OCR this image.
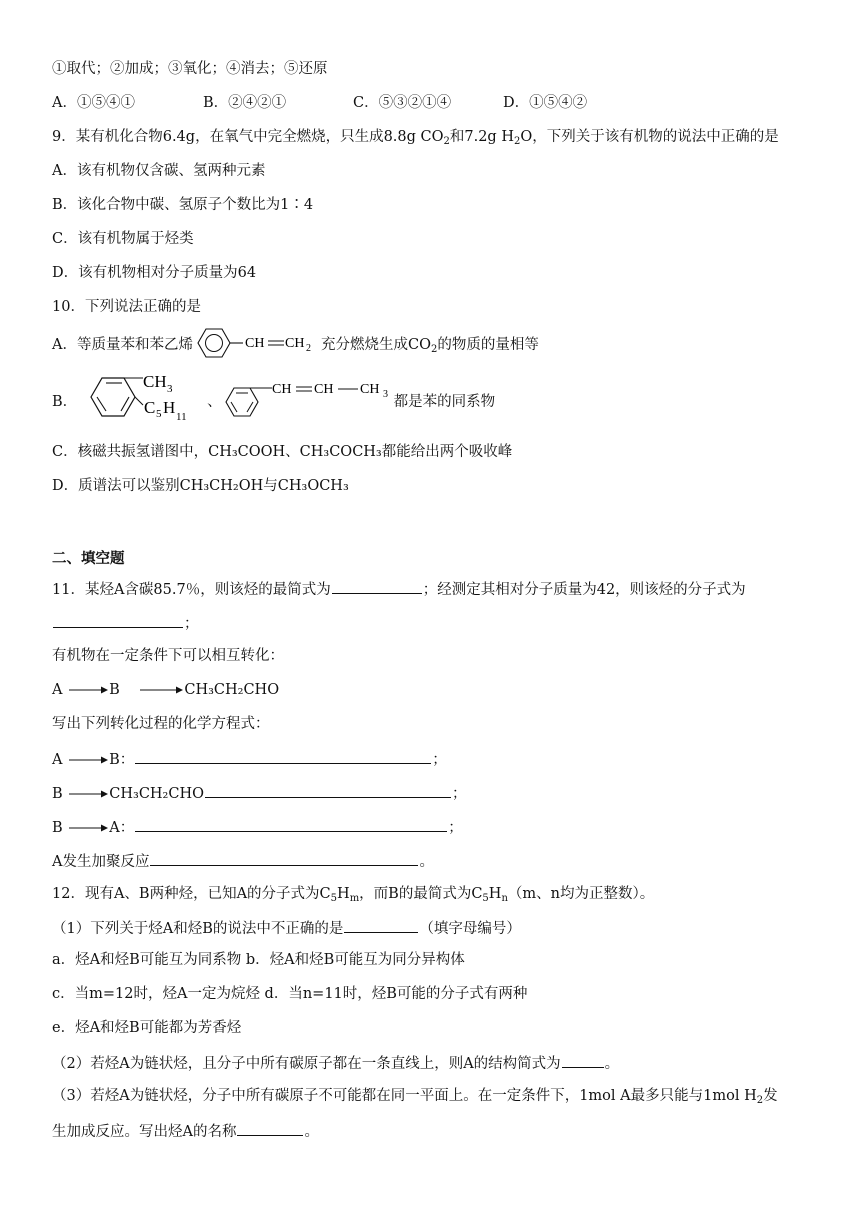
①取代；②加成；③氧化；④消去；⑤还原
A．①⑤④①	B．②④②①	C．⑤③②①④	D．①⑤④②
9．某有机化合物6.4g，在氧气中完全燃烧，只生成8.8g $CO_2$和7.2g $H_2O$，下列关于该有机物的说法中正确的是
A．该有机物仅含碳、氢两种元素
B．该化合物中碳、氢原子个数比为1∶4
C．该有机物属于烃类
D．该有机物相对分子质量为64
10．下列说法正确的是
A．等质量苯和苯乙烯	CH CH 2 充分燃烧生成$CO_2$的物质的量相等
B．
CH 3
C 5 H 11
、
CH CH CH 3 都是苯的同系物
C．核磁共振氢谱图中，CH₃COOH、CH₃COCH₃都能给出两个吸收峰
D．质谱法可以鉴别CH₃CH₂OH与CH₃OCH₃
二、填空题
11．某烃A含碳85.7％，则该烃的最简式为	；经测定其相对分子质量为42，则该烃的分子式为
；
有机物在一定条件下可以相互转化：
A	B	CH₃CH₂CHO
写出下列转化过程的化学方程式：
A	B：	；
B	CH₃CH₂CHO	；
B	A：	；
A发生加聚反应	。
12．现有A、B两种烃，已知A的分子式为$C_5H_m$，而B的最简式为$C_5H_n(m$、n均为正整数）。
（1）下列关于烃A和烃B的说法中不正确的是	（填字母编号）
a．烃A和烃B可能互为同系物 b．烃A和烃B可能互为同分异构体
c．当m=12时，烃A一定为烷烃 d．当n=11时，烃B可能的分子式有两种
e．烃A和烃B可能都为芳香烃
（2）若烃A为链状烃，且分子中所有碳原子都在一条直线上，则A的结构简式为	。
（3）若烃A为链状烃，分子中所有碳原子不可能都在同一平面上。在一定条件下，1mol A最多只能与1mol $H_2$发
生加成反应。写出烃A的名称	。
